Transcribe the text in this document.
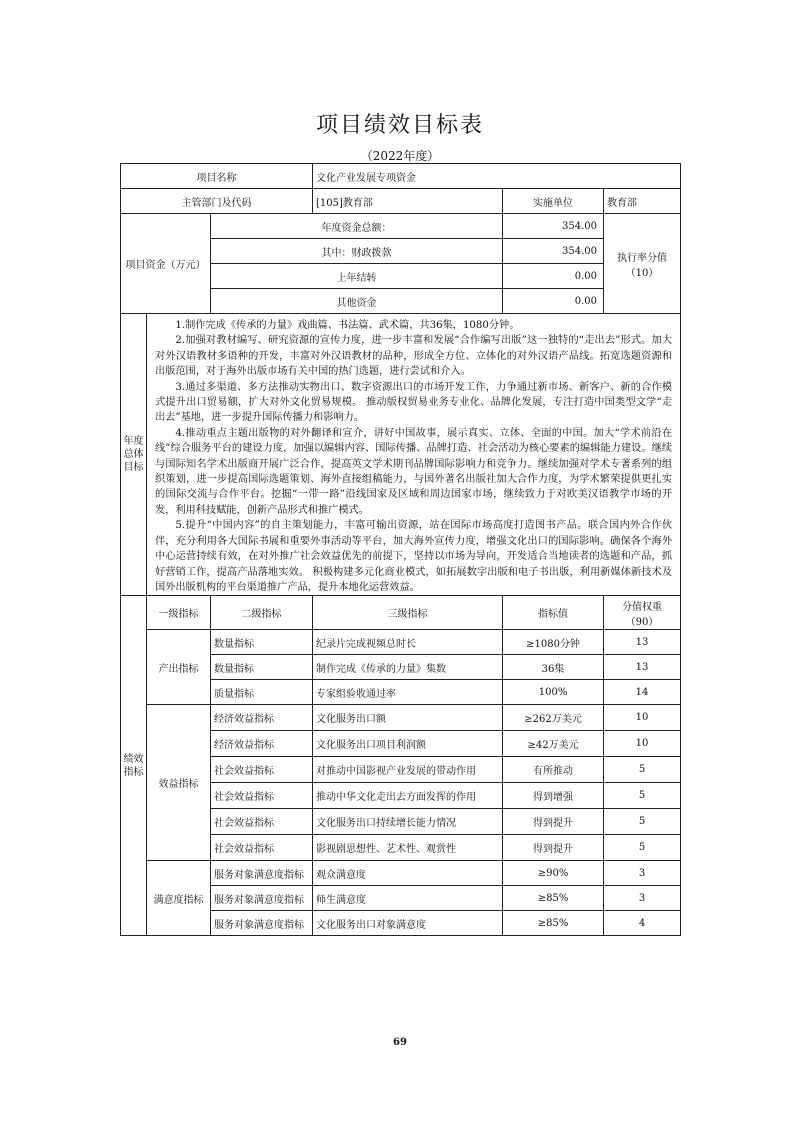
项目绩效目标表
（2022年度）
项目名称			文化产业发展专项资金		
主管部门及代码			[105]教育部	实施单位	教育部
项目资金（万元）		年度资金总额：		354.00	执行率分值
（10）

		其中：财政拨款		354.00	
		上年结转		0.00	
		其他资金		0.00	
年度总体目标	1.制作完成《传承的力量》戏曲篇、书法篇、武术篇，共36集，1080分钟。

2.加强对教材编写、研究资源的宣传力度，进一步丰富和发展“合作编写出版”这一独特的“走出去”形式。加大对外汉语教材多语种的开发，丰富对外汉语教材的品种，形成全方位、立体化的对外汉语产品线。拓宽选题资源和出版范围，对于海外出版市场有关中国的热门选题，进行尝试和介入。

3.通过多渠道、多方法推动实物出口、数字资源出口的市场开发工作，力争通过新市场、新客户、新的合作模式提升出口贸易额，扩大对外文化贸易规模。 推动版权贸易业务专业化、品牌化发展，专注打造中国类型文学“走出去”基地，进一步提升国际传播力和影响力。

4.推动重点主题出版物的对外翻译和宣介，讲好中国故事，展示真实、立体、全面的中国。加大“学术前沿在线”综合服务平台的建设力度，加强以编辑内容、国际传播、品牌打造、社会活动为核心要素的编辑能力建设。继续与国际知名学术出版商开展广泛合作，提高英文学术期刊品牌国际影响力和竞争力。继续加强对学术专著系列的组织策划，进一步提高国际选题策划、海外直接组稿能力，与国外著名出版社加大合作力度，为学术繁荣提供更扎实的国际交流与合作平台。挖掘“一带一路”沿线国家及区域和周边国家市场，继续致力于对欧美汉语教学市场的开发，利用科技赋能，创新产品形式和推广模式。

5.提升“中国内容”的自主策划能力，丰富可输出资源，站在国际市场高度打造图书产品。联合国内外合作伙伴，充分利用各大国际书展和重要外事活动等平台，加大海外宣传力度，增强文化出口的国际影响。确保各个海外中心运营持续有效，在对外推广社会效益优先的前提下，坚持以市场为导向，开发适合当地读者的选题和产品，抓好营销工作，提高产品落地实效。 积极构建多元化商业模式，如拓展数字出版和电子书出版，利用新媒体新技术及国外出版机构的平台渠道推广产品，提升本地化运营效益。				

绩效指标	一级指标	二级指标	三级指标	指标值	分值权重
（90）

	产出指标	数量指标	纪录片完成视频总时长	≥1080分钟	13
		数量指标	制作完成《传承的力量》集数	36集	13
		质量指标	专家组验收通过率	100%	14
	效益指标	经济效益指标	文化服务出口额	≥262万美元	10
		经济效益指标	文化服务出口项目利润额	≥42万美元	10
		社会效益指标	对推动中国影视产业发展的带动作用	有所推动	5
		社会效益指标	推动中华文化走出去方面发挥的作用	得到增强	5
		社会效益指标	文化服务出口持续增长能力情况	得到提升	5
		社会效益指标	影视剧思想性、艺术性、观赏性	得到提升	5
	满意度指标	服务对象满意度指标	观众满意度	≥90%	3
		服务对象满意度指标	师生满意度	≥85%	3
		服务对象满意度指标	文化服务出口对象满意度	≥85%	4
69
